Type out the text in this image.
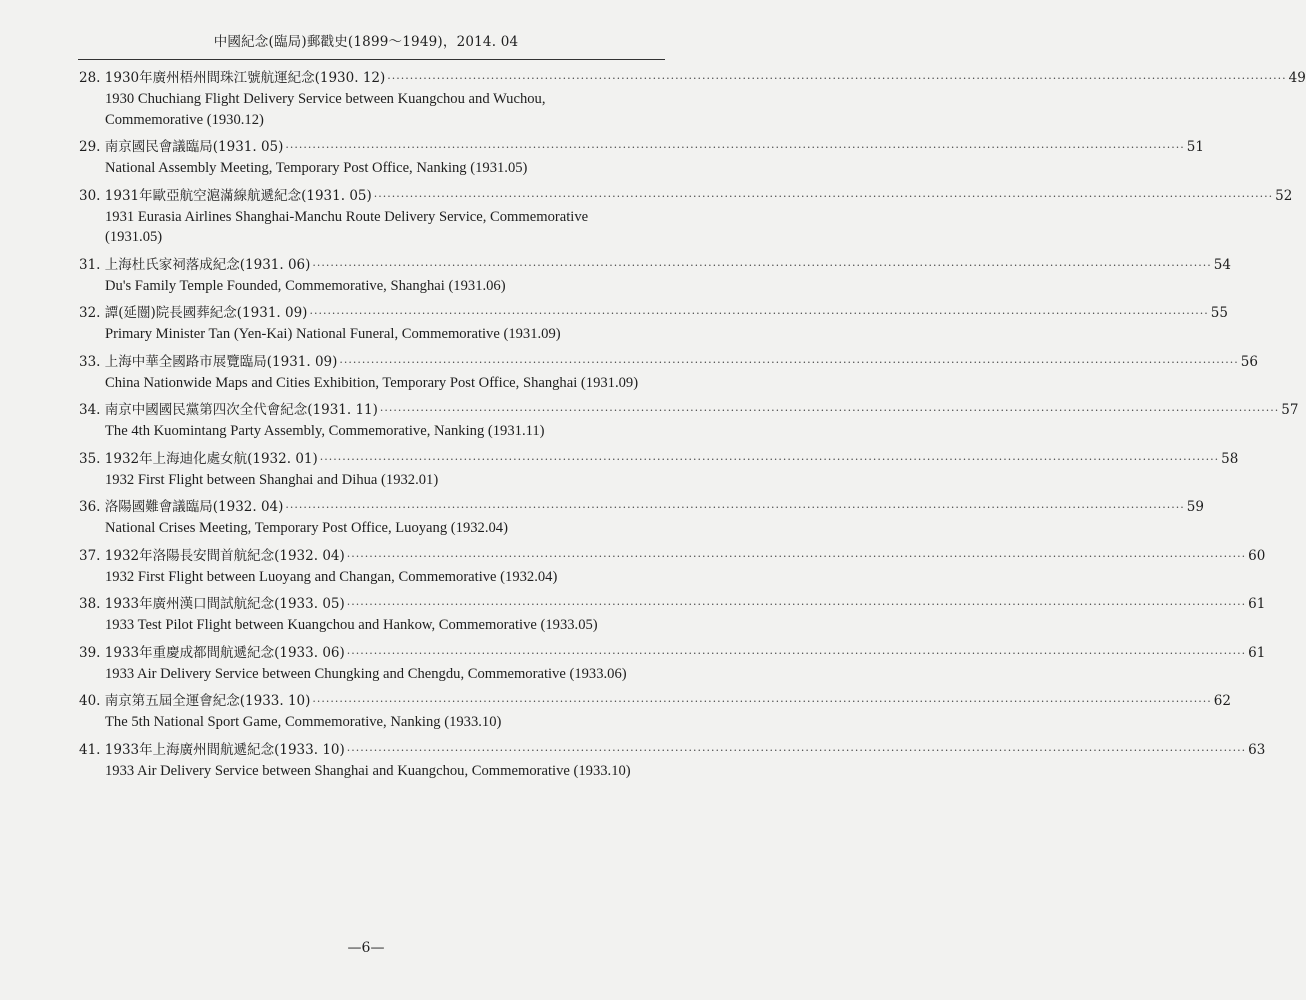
中國紀念(臨局)郵戳史(1899～1949)，2014. 04
28. 1930年廣州梧州間珠江號航運紀念(1930. 12) ········································································································································································································ 49
1930 Chuchiang Flight Delivery Service between Kuangchou and Wuchou, Commemorative (1930.12)
29. 南京國民會議臨局(1931. 05) ········································································································································································································ 51
National Assembly Meeting, Temporary Post Office, Nanking (1931.05)
30. 1931年歐亞航空滬滿線航遞紀念(1931. 05) ········································································································································································································ 52
1931 Eurasia Airlines Shanghai-Manchu Route Delivery Service, Commemorative (1931.05)
31. 上海杜氏家祠落成紀念(1931. 06) ········································································································································································································ 54
Du's Family Temple Founded, Commemorative, Shanghai (1931.06)
32. 譚(延闓)院長國葬紀念(1931. 09) ········································································································································································································ 55
Primary Minister Tan (Yen-Kai) National Funeral, Commemorative (1931.09)
33. 上海中華全國路市展覽臨局(1931. 09) ········································································································································································································ 56
China Nationwide Maps and Cities Exhibition, Temporary Post Office, Shanghai (1931.09)
34. 南京中國國民黨第四次全代會紀念(1931. 11) ········································································································································································································ 57
The 4th Kuomintang Party Assembly, Commemorative, Nanking (1931.11)
35. 1932年上海迪化處女航(1932. 01) ········································································································································································································ 58
1932 First Flight between Shanghai and Dihua (1932.01)
36. 洛陽國難會議臨局(1932. 04) ········································································································································································································ 59
National Crises Meeting, Temporary Post Office, Luoyang (1932.04)
37. 1932年洛陽長安間首航紀念(1932. 04) ········································································································································································································ 60
1932 First Flight between Luoyang and Changan, Commemorative (1932.04)
38. 1933年廣州漢口間試航紀念(1933. 05) ········································································································································································································ 61
1933 Test Pilot Flight between Kuangchou and Hankow, Commemorative (1933.05)
39. 1933年重慶成都間航遞紀念(1933. 06) ········································································································································································································ 61
1933 Air Delivery Service between Chungking and Chengdu, Commemorative (1933.06)
40. 南京第五屆全運會紀念(1933. 10) ········································································································································································································ 62
The 5th National Sport Game, Commemorative, Nanking (1933.10)
41. 1933年上海廣州間航遞紀念(1933. 10) ········································································································································································································ 63
1933 Air Delivery Service between Shanghai and Kuangchou, Commemorative (1933.10)
—6—
